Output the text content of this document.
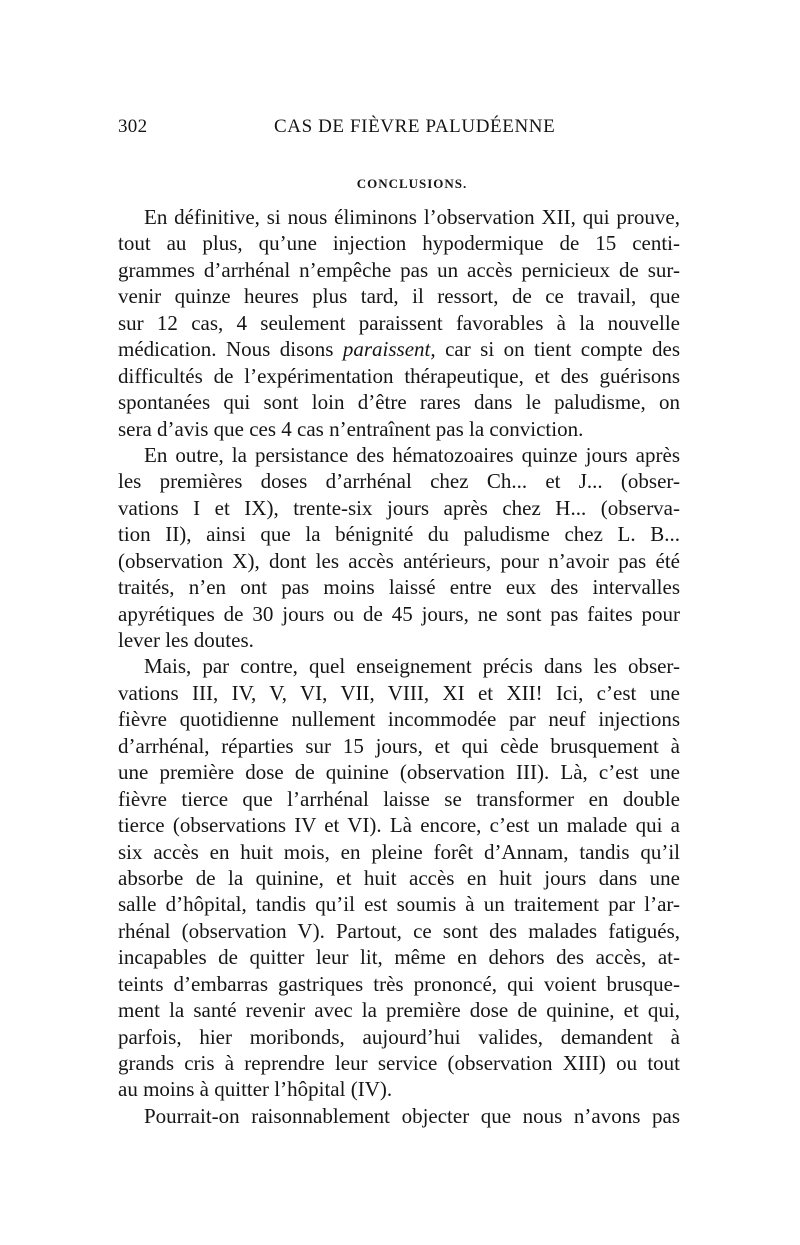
302	CAS DE FIÈVRE PALUDÉENNE
CONCLUSIONS.
En définitive, si nous éliminons l’observation XII, qui prouve,
tout au plus, qu’une injection hypodermique de 15 centi-
grammes d’arrhénal n’empêche pas un accès pernicieux de sur-
venir quinze heures plus tard, il ressort, de ce travail, que
sur 12 cas, 4 seulement paraissent favorables à la nouvelle
médication. Nous disons paraissent, car si on tient compte des
difficultés de l’expérimentation thérapeutique, et des guérisons
spontanées qui sont loin d’être rares dans le paludisme, on
sera d’avis que ces 4 cas n’entraînent pas la conviction.
En outre, la persistance des hématozoaires quinze jours après
les premières doses d’arrhénal chez Ch... et J... (obser-
vations I et IX), trente-six jours après chez H... (observa-
tion II), ainsi que la bénignité du paludisme chez L. B...
(observation X), dont les accès antérieurs, pour n’avoir pas été
traités, n’en ont pas moins laissé entre eux des intervalles
apyrétiques de 30 jours ou de 45 jours, ne sont pas faites pour
lever les doutes.
Mais, par contre, quel enseignement précis dans les obser-
vations III, IV, V, VI, VII, VIII, XI et XII! Ici, c’est une
fièvre quotidienne nullement incommodée par neuf injections
d’arrhénal, réparties sur 15 jours, et qui cède brusquement à
une première dose de quinine (observation III). Là, c’est une
fièvre tierce que l’arrhénal laisse se transformer en double
tierce (observations IV et VI). Là encore, c’est un malade qui a
six accès en huit mois, en pleine forêt d’Annam, tandis qu’il
absorbe de la quinine, et huit accès en huit jours dans une
salle d’hôpital, tandis qu’il est soumis à un traitement par l’ar-
rhénal (observation V). Partout, ce sont des malades fatigués,
incapables de quitter leur lit, même en dehors des accès, at-
teints d’embarras gastriques très prononcé, qui voient brusque-
ment la santé revenir avec la première dose de quinine, et qui,
parfois, hier moribonds, aujourd’hui valides, demandent à
grands cris à reprendre leur service (observation XIII) ou tout
au moins à quitter l’hôpital (IV).
Pourrait-on raisonnablement objecter que nous n’avons pas
